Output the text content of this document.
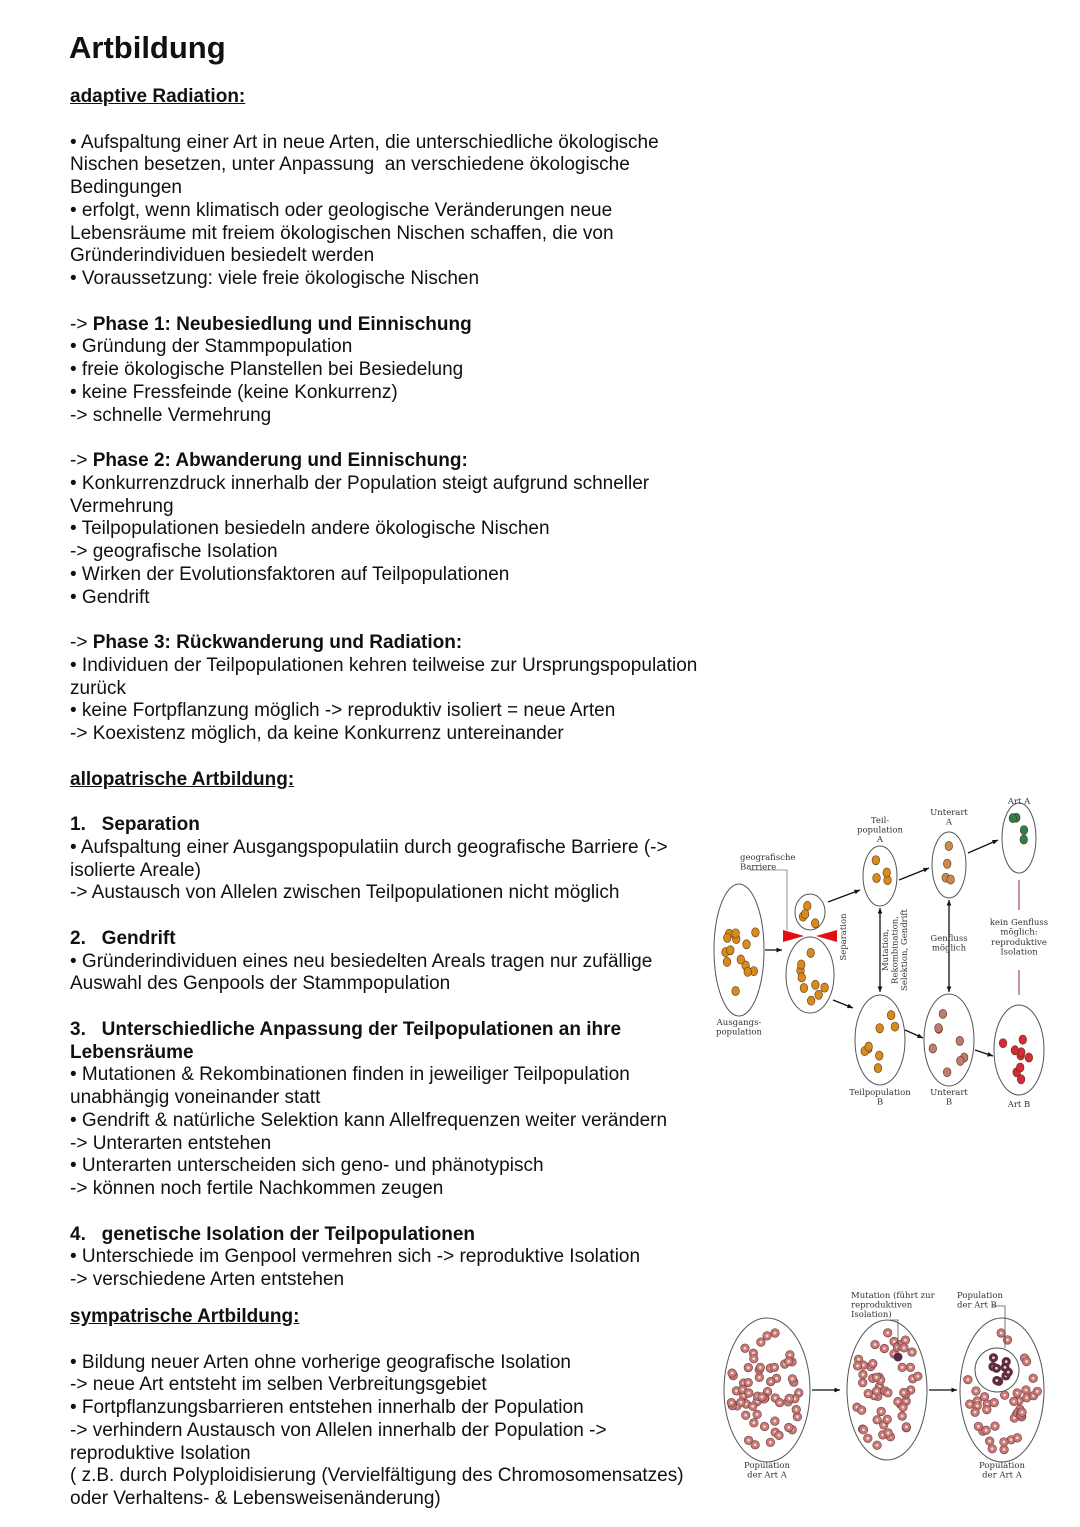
Artbildung
adaptive Radiation:

• Aufspaltung einer Art in neue Arten, die unterschiedliche ökologische
Nischen besetzen, unter Anpassung  an verschiedene ökologische
Bedingungen
• erfolgt, wenn klimatisch oder geologische Veränderungen neue
Lebensräume mit freiem ökologischen Nischen schaffen, die von
Gründerindividuen besiedelt werden
• Voraussetzung: viele freie ökologische Nischen

-> Phase 1: Neubesiedlung und Einnischung
• Gründung der Stammpopulation
• freie ökologische Planstellen bei Besiedelung
• keine Fressfeinde (keine Konkurrenz)
-> schnelle Vermehrung

-> Phase 2: Abwanderung und Einnischung:
• Konkurrenzdruck innerhalb der Population steigt aufgrund schneller
Vermehrung
• Teilpopulationen besiedeln andere ökologische Nischen
-> geografische Isolation
• Wirken der Evolutionsfaktoren auf Teilpopulationen
• Gendrift

-> Phase 3: Rückwanderung und Radiation:
• Individuen der Teilpopulationen kehren teilweise zur Ursprungspopulation
zurück
• keine Fortpflanzung möglich -> reproduktiv isoliert = neue Arten
-> Koexistenz möglich, da keine Konkurrenz untereinander

allopatrische Artbildung:

1.   Separation
• Aufspaltung einer Ausgangspopulatiin durch geografische Barriere (->
isolierte Areale)
-> Austausch von Allelen zwischen Teilpopulationen nicht möglich

2.   Gendrift
• Gründerindividuen eines neu besiedelten Areals tragen nur zufällige
Auswahl des Genpools der Stammpopulation

3.   Unterschiedliche Anpassung der Teilpopulationen an ihre
Lebensräume
• Mutationen & Rekombinationen finden in jeweiliger Teilpopulation
unabhängig voneinander statt
• Gendrift & natürliche Selektion kann Allelfrequenzen weiter verändern
-> Unterarten entstehen
• Unterarten unterscheiden sich geno- und phänotypisch
-> können noch fertile Nachkommen zeugen

4.   genetische Isolation der Teilpopulationen
• Unterschiede im Genpool vermehren sich -> reproduktive Isolation
-> verschiedene Arten entstehen
sympatrische Artbildung:

• Bildung neuer Arten ohne vorherige geografische Isolation
-> neue Art entsteht im selben Verbreitungsgebiet
• Fortpflanzungsbarrieren entstehen innerhalb der Population
-> verhindern Austausch von Allelen innerhalb der Population ->
reproduktive Isolation
( z.B. durch Polyploidisierung (Vervielfältigung des Chromosomensatzes)
oder Verhaltens- & Lebensweisenänderung)
Ausgangs-
population
geografische
Barriere
Separation
Teil-
population
A
Teilpopulation
B
Mutation, Rekombination, Selektion, Gendrift
Unterart
A
Unterart
B
Genfluss
möglich
Art A
Art B
kein Genfluss
möglich:
reproduktive
Isolation
Population
der Art A
Mutation (führt zur
reproduktiven
Isolation)
Population
der Art B
Population
der Art A
